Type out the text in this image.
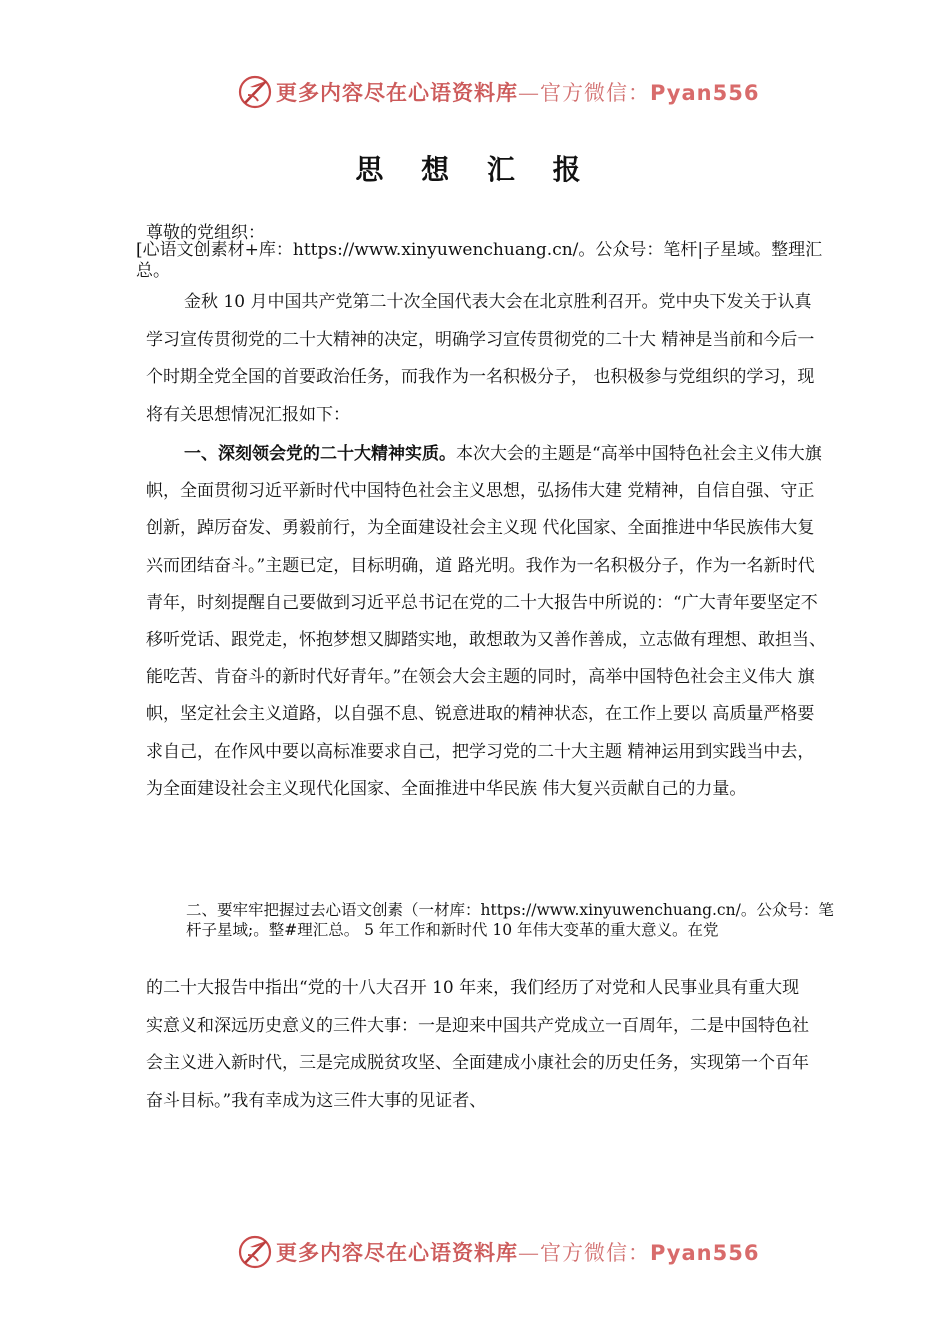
更多内容尽在心语资料库—官方微信：Pyan556
思 想 汇 报
尊敬的党组织：
[心语文创素材+库：https://www.xinyuwenchuang.cn/。公众号：笔杆|子星域。整理汇总。

金秋 10 月中国共产党第二十次全国代表大会在北京胜利召开。党中央下发关于认真学习宣传贯彻党的二十大精神的决定，明确学习宣传贯彻党的二十大 精神是当前和今后一个时期全党全国的首要政治任务，而我作为一名积极分子， 也积极参与党组织的学习，现将有关思想情况汇报如下：

一、深刻领会党的二十大精神实质。本次大会的主题是“高举中国特色社会主义伟大旗帜，全面贯彻习近平新时代中国特色社会主义思想，弘扬伟大建 党精神，自信自强、守正创新，踔厉奋发、勇毅前行，为全面建设社会主义现 代化国家、全面推进中华民族伟大复兴而团结奋斗。”主题已定，目标明确，道 路光明。我作为一名积极分子，作为一名新时代青年，时刻提醒自己要做到习近平总书记在党的二十大报告中所说的：“广大青年要坚定不移听党话、跟党走，怀抱梦想又脚踏实地，敢想敢为又善作善成，立志做有理想、敢担当、能吃苦、肯奋斗的新时代好青年。”在领会大会主题的同时，高举中国特色社会主义伟大 旗帜，坚定社会主义道路，以自强不息、锐意进取的精神状态，在工作上要以 高质量严格要求自己，在作风中要以高标准要求自己，把学习党的二十大主题 精神运用到实践当中去，为全面建设社会主义现代化国家、全面推进中华民族 伟大复兴贡献自己的力量。

二、要牢牢把握过去心语文创素（一材库：https://www.xinyuwenchuang.cn/。公众号：笔杆子星域;。整#理汇总。 5 年工作和新时代 10 年伟大变革的重大意义。在党

的二十大报告中指出“党的十八大召开 10 年来，我们经历了对党和人民事业具有重大现实意义和深远历史意义的三件大事：一是迎来中国共产党成立一百周年，二是中国特色社会主义进入新时代，三是完成脱贫攻坚、全面建成小康社会的历史任务，实现第一个百年奋斗目标。”我有幸成为这三件大事的见证者、

更多内容尽在心语资料库—官方微信：Pyan556
